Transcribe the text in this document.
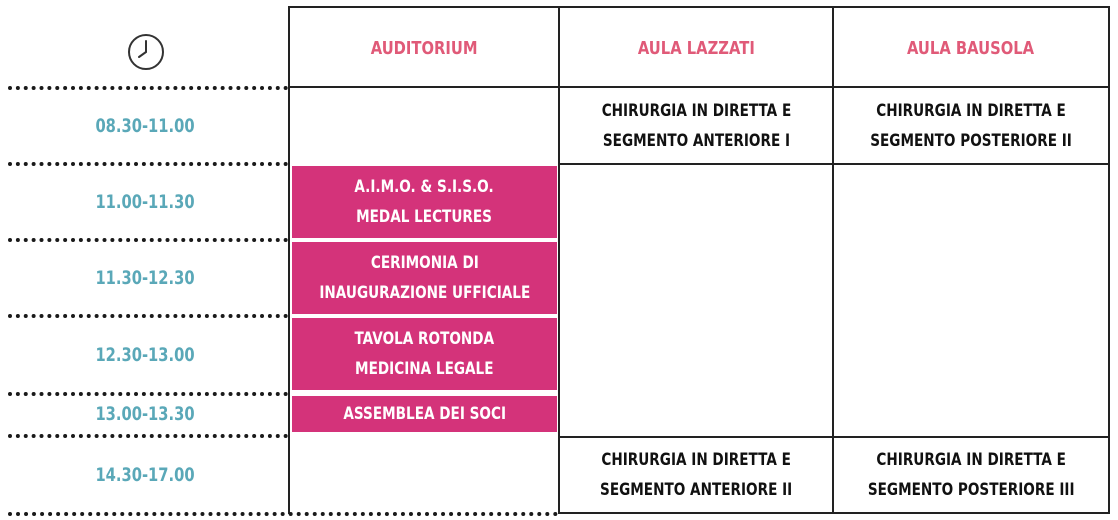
AUDITORIUM	AULA LAZZATI	AULA BAUSOLA
08.30-11.00
11.00-11.30
11.30-12.30
12.30-13.00
13.00-13.30
14.30-17.00
A.I.M.O. & S.I.S.O.
MEDAL LECTURES
CERIMONIA DI
INAUGURAZIONE UFFICIALE
TAVOLA ROTONDA
MEDICINA LEGALE
ASSEMBLEA DEI SOCI
CHIRURGIA IN DIRETTA E
SEGMENTO ANTERIORE I
CHIRURGIA IN DIRETTA E
SEGMENTO ANTERIORE II
CHIRURGIA IN DIRETTA E
SEGMENTO POSTERIORE II
CHIRURGIA IN DIRETTA E
SEGMENTO POSTERIORE III
